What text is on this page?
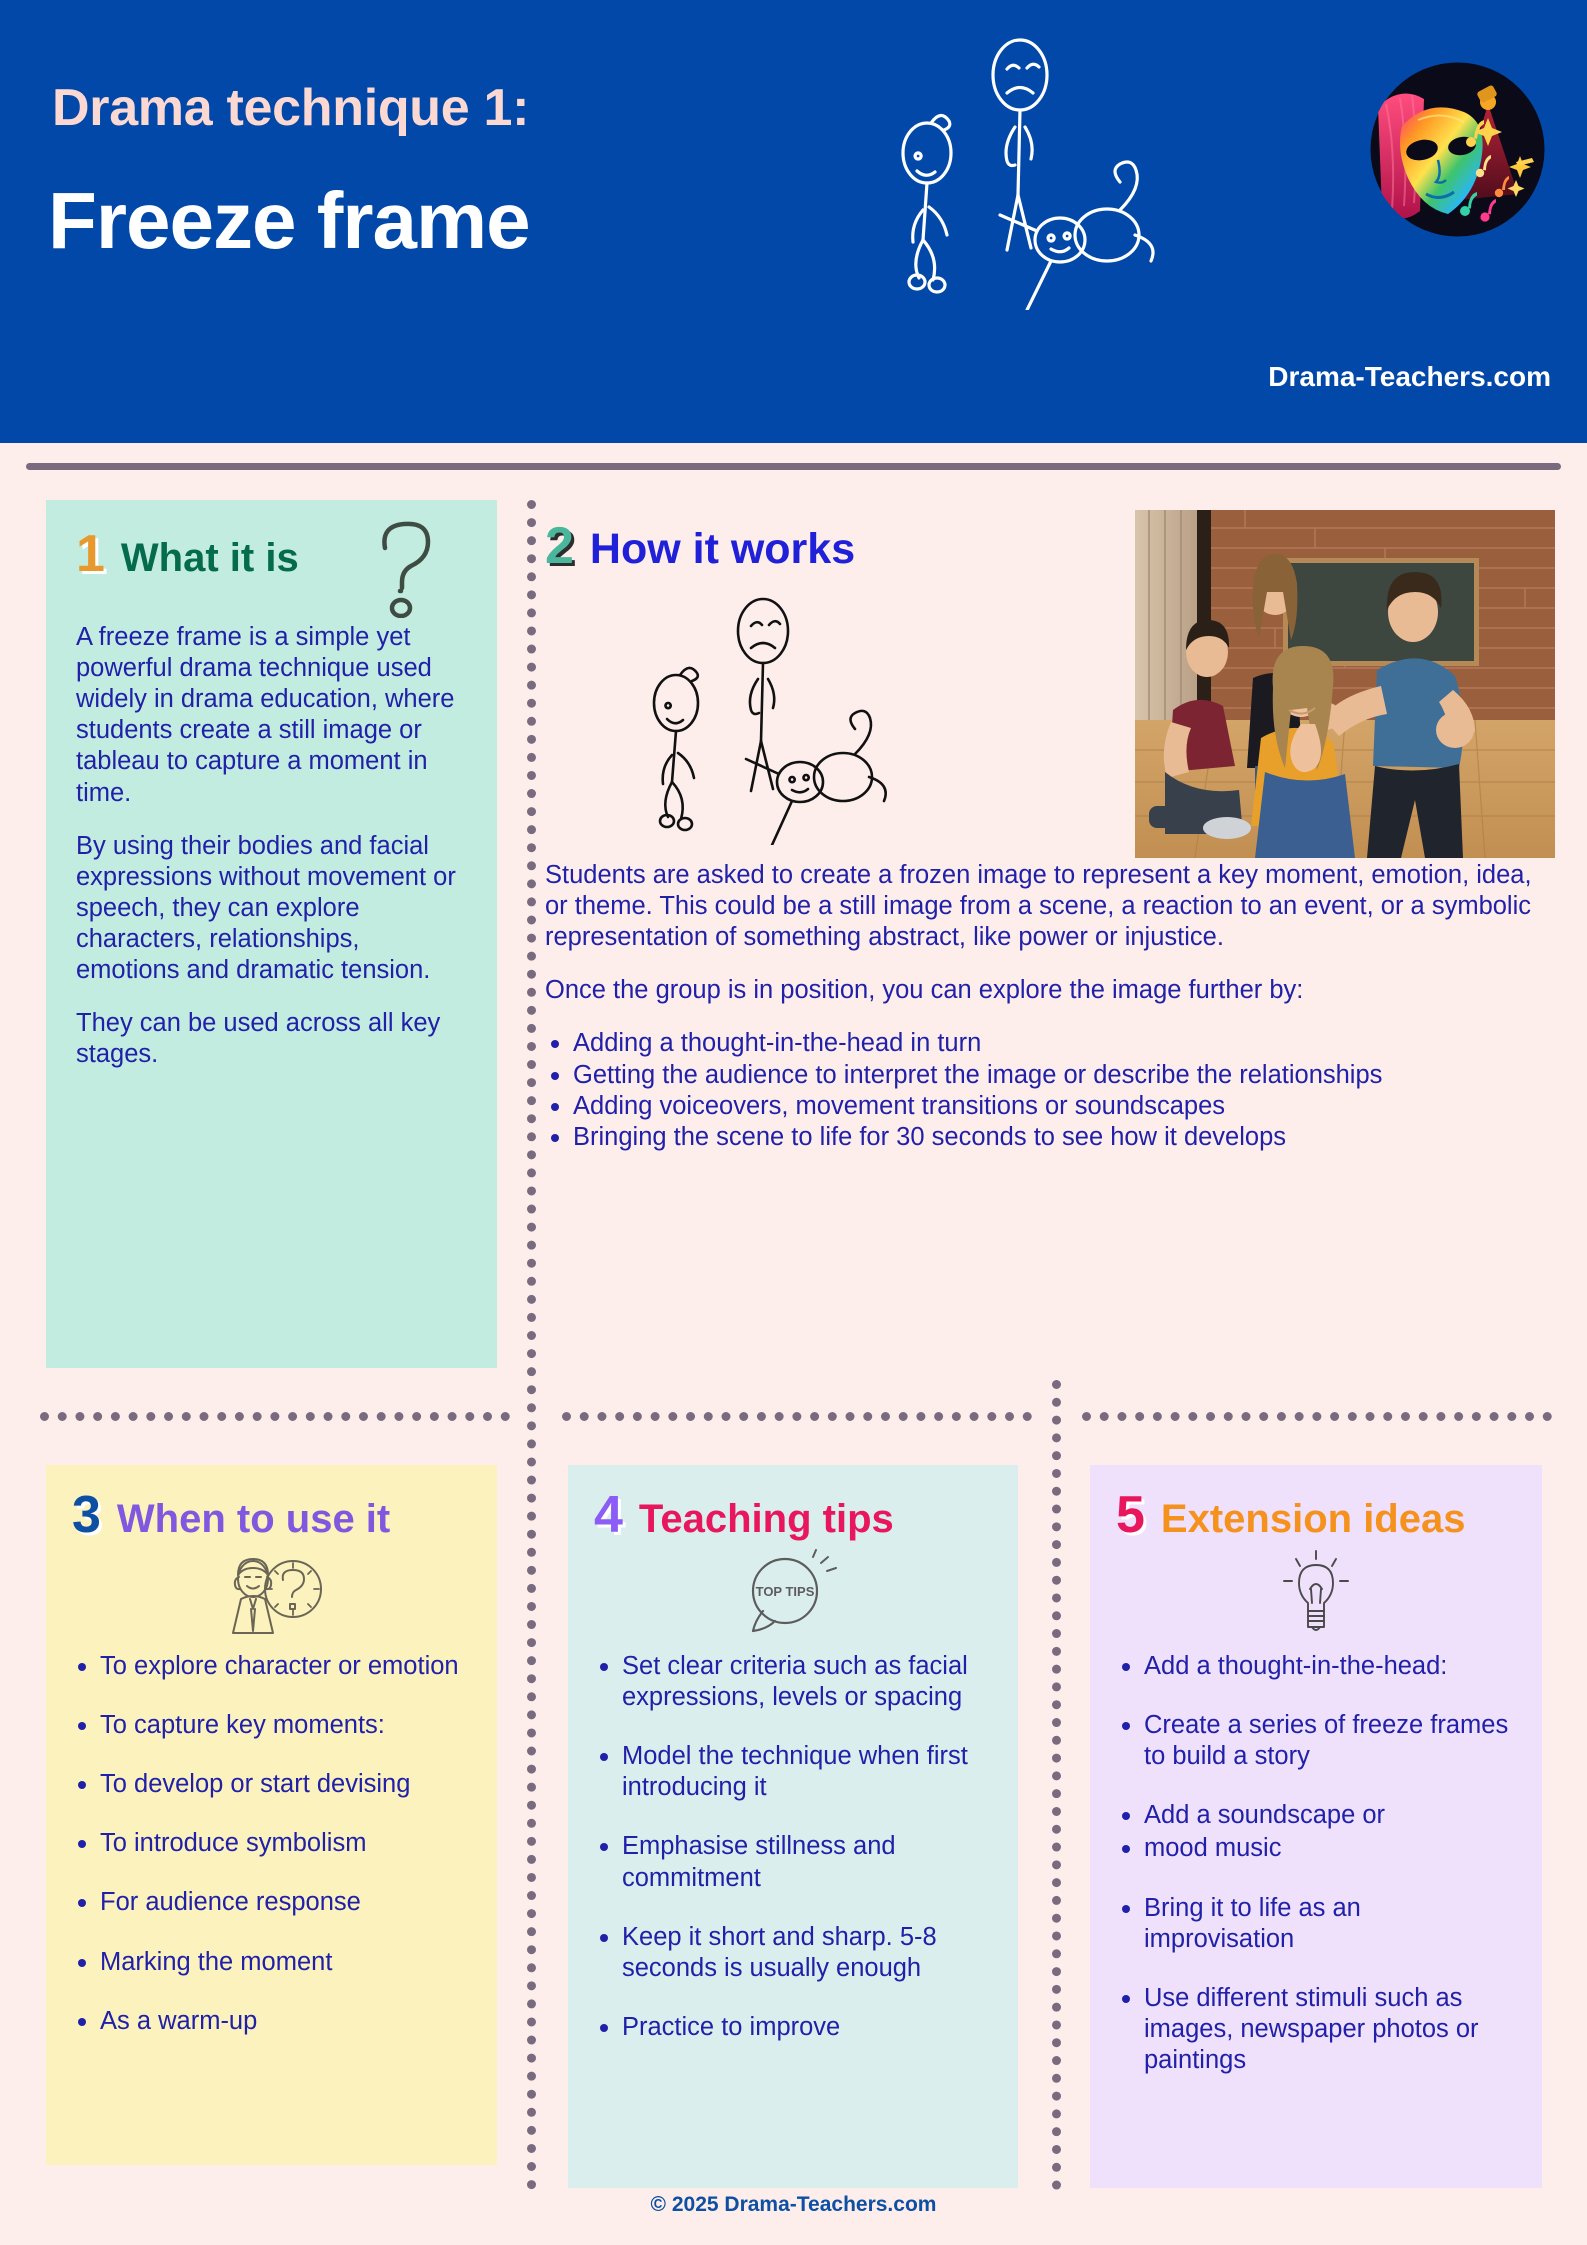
Drama technique 1:
Freeze frame
Drama-Teachers.com
1 What it is

A freeze frame is a simple yet powerful drama technique used widely in drama education, where students create a still image or tableau to capture a moment in time.

By using their bodies and facial expressions without movement or speech, they can explore characters, relationships, emotions and dramatic tension.

They can be used across all key stages.

2 How it works

Students are asked to create a frozen image to represent a key moment, emotion, idea, or theme. This could be a still image from a scene, a reaction to an event, or a symbolic representation of something abstract, like power or injustice.

Once the group is in position, you can explore the image further by:

Adding a thought-in-the-head in turn
Getting the audience to interpret the image or describe the relationships
Adding voiceovers, movement transitions or soundscapes
Bringing the scene to life for 30 seconds to see how it develops
3 When to use it
To explore character or emotion
To capture key moments:
To develop or start devising
To introduce symbolism
For audience response
Marking the moment
As a warm-up
4 Teaching tips
TOP TIPS
Set clear criteria such as facial expressions, levels or spacing
Model the technique when first introducing it
Emphasise stillness and commitment
Keep it short and sharp. 5-8 seconds is usually enough
Practice to improve
5 Extension ideas
Add a thought-in-the-head:
Create a series of freeze frames to build a story
Add a soundscape or
mood music
Bring it to life as an improvisation
Use different stimuli such as images, newspaper photos or paintings
© 2025 Drama-Teachers.com
